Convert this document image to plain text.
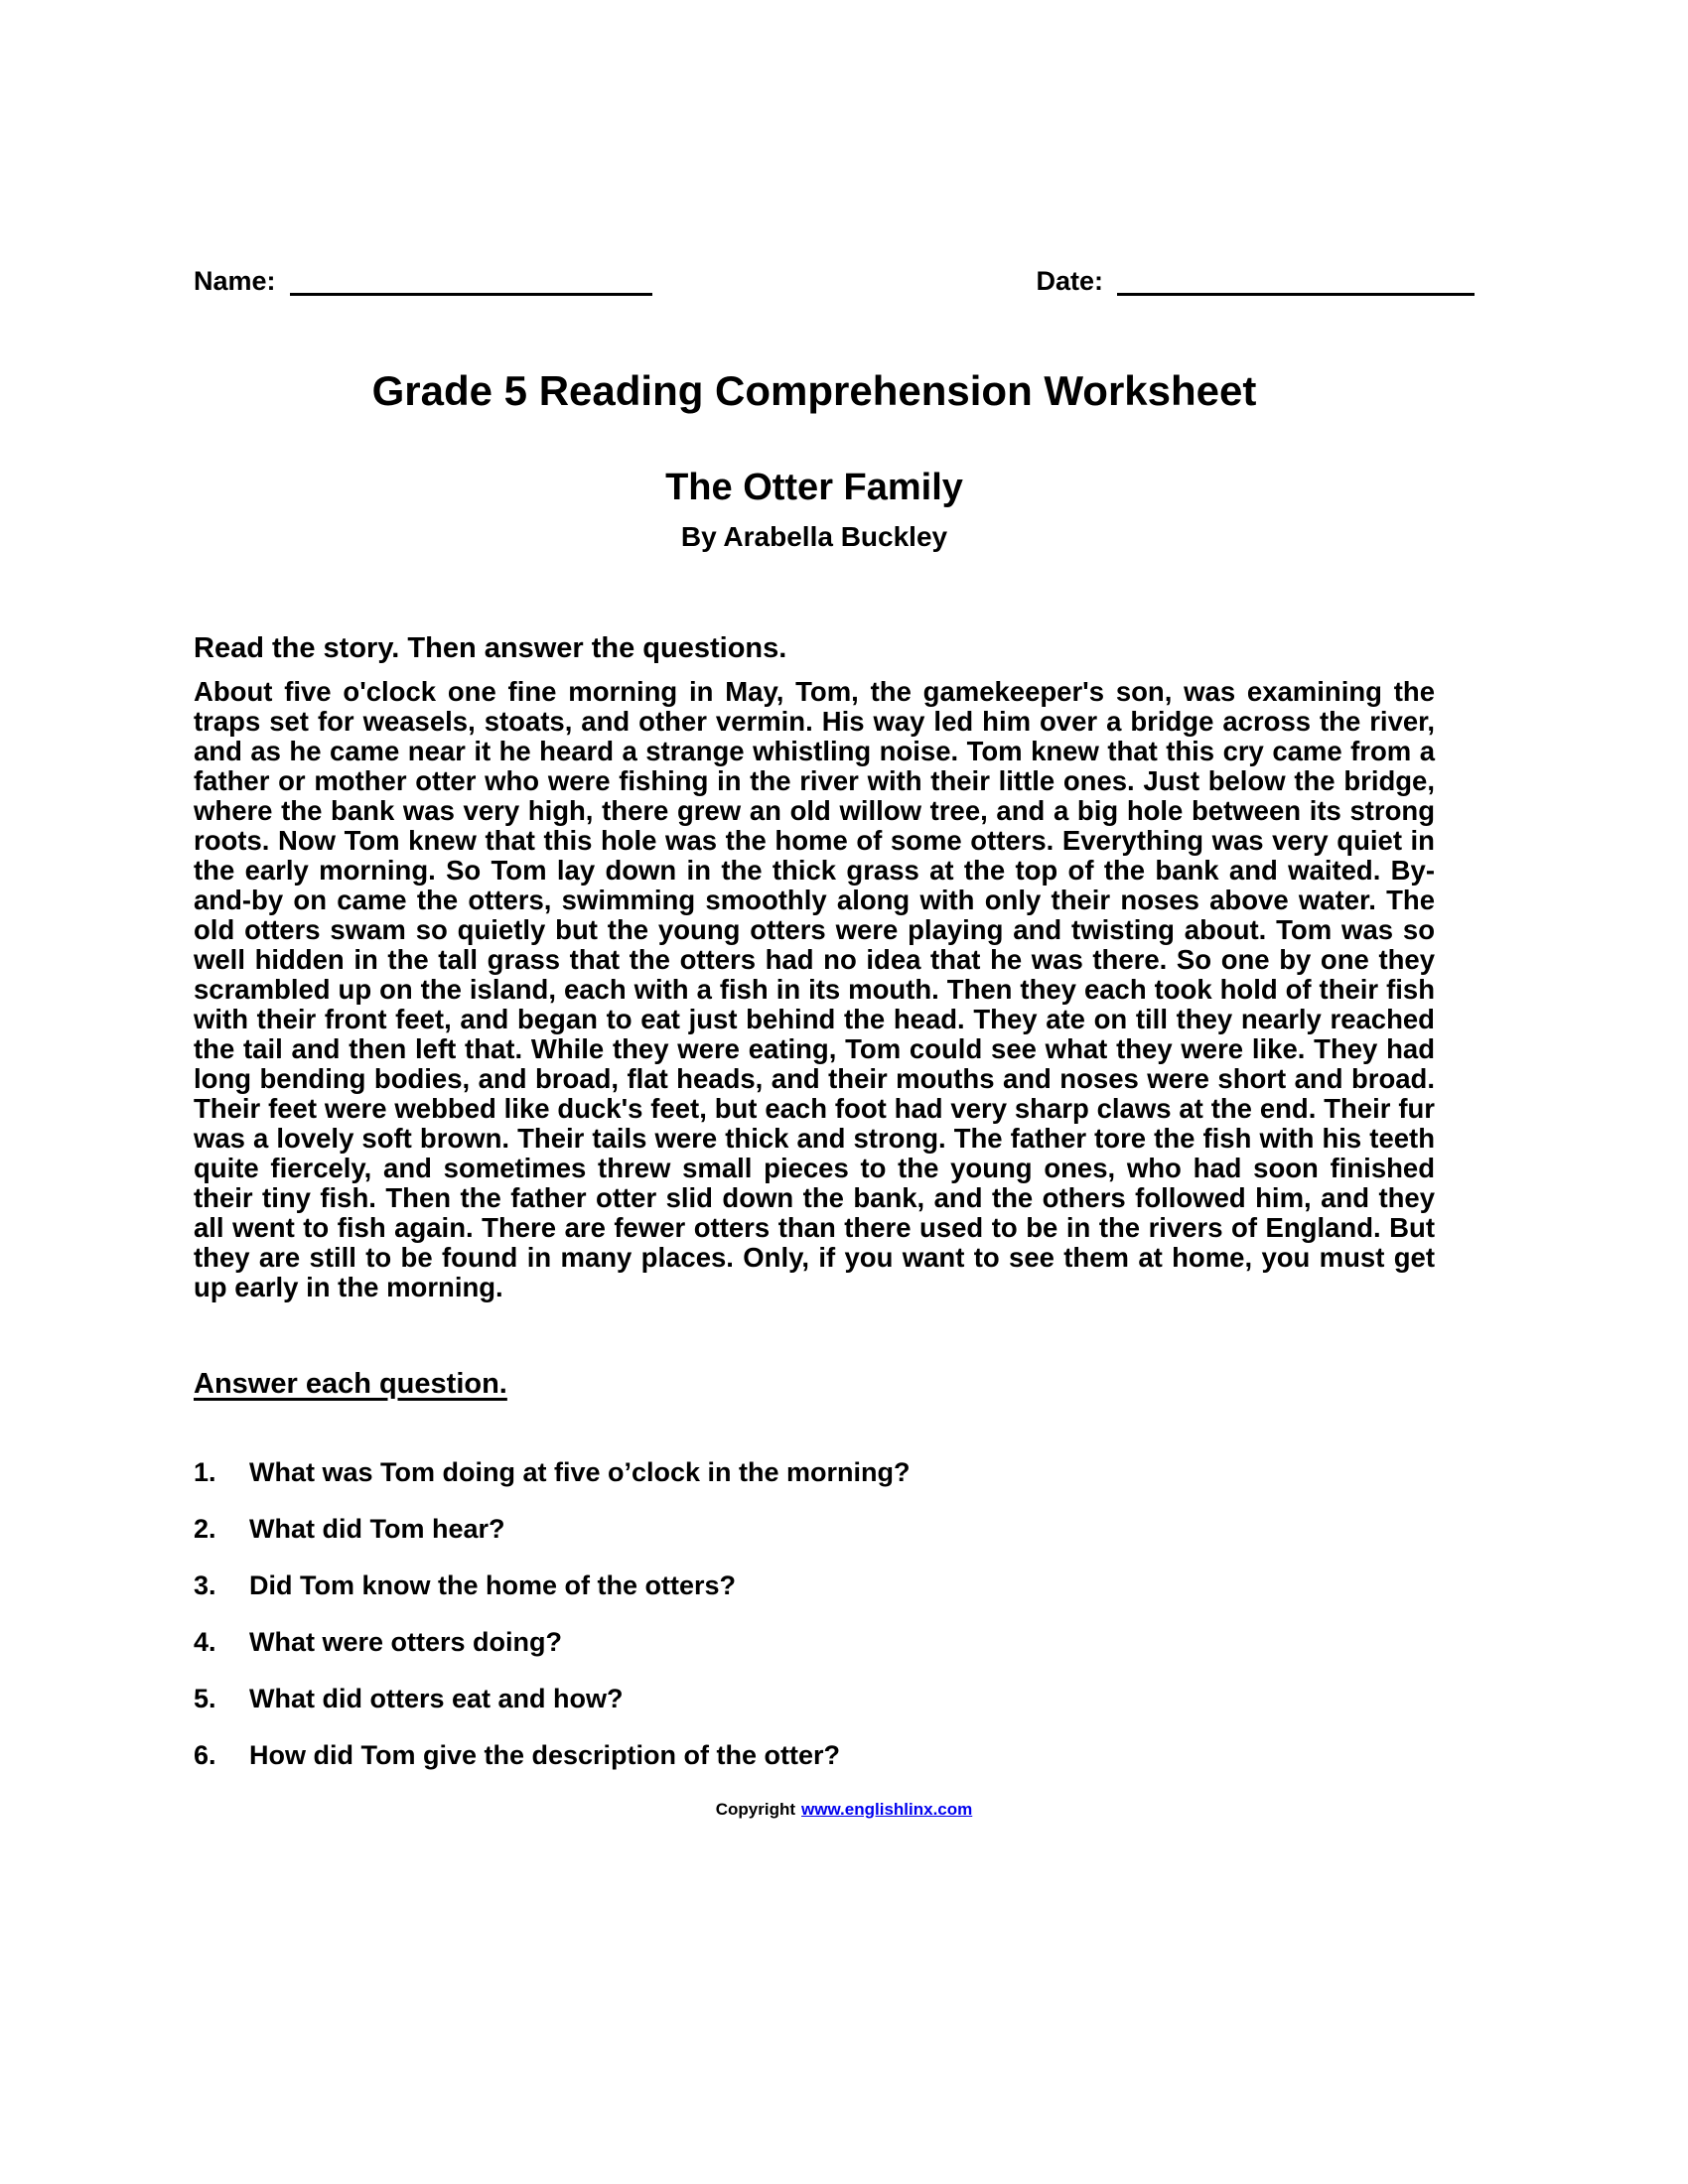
Name:	Date:
Grade 5 Reading Comprehension Worksheet
The Otter Family
By Arabella Buckley

Read the story. Then answer the questions.

About five o'clock one fine morning in May, Tom, the gamekeeper's son, was examining the traps set for weasels, stoats, and other vermin. His way led him over a bridge across the river, and as he came near it he heard a strange whistling noise. Tom knew that this cry came from a father or mother otter who were fishing in the river with their little ones. Just below the bridge, where the bank was very high, there grew an old willow tree, and a big hole between its strong roots. Now Tom knew that this hole was the home of some otters. Everything was very quiet in the early morning. So Tom lay down in the thick grass at the top of the bank and waited. By-and-by on came the otters, swimming smoothly along with only their noses above water. The old otters swam so quietly but the young otters were playing and twisting about. Tom was so well hidden in the tall grass that the otters had no idea that he was there. So one by one they scrambled up on the island, each with a fish in its mouth. Then they each took hold of their fish with their front feet, and began to eat just behind the head. They ate on till they nearly reached the tail and then left that. While they were eating, Tom could see what they were like. They had long bending bodies, and broad, flat heads, and their mouths and noses were short and broad. Their feet were webbed like duck's feet, but each foot had very sharp claws at the end. Their fur was a lovely soft brown. Their tails were thick and strong. The father tore the fish with his teeth quite fiercely, and sometimes threw small pieces to the young ones, who had soon finished their tiny fish. Then the father otter slid down the bank, and the others followed him, and they all went to fish again. There are fewer otters than there used to be in the rivers of England. But they are still to be found in many places. Only, if you want to see them at home, you must get up early in the morning.

Answer each question.

1.	What was Tom doing at five o’clock in the morning?
2.	What did Tom hear?
3.	Did Tom know the home of the otters?
4.	What were otters doing?
5.	What did otters eat and how?
6.	How did Tom give the description of the otter?
Copyright www.englishlinx.com
